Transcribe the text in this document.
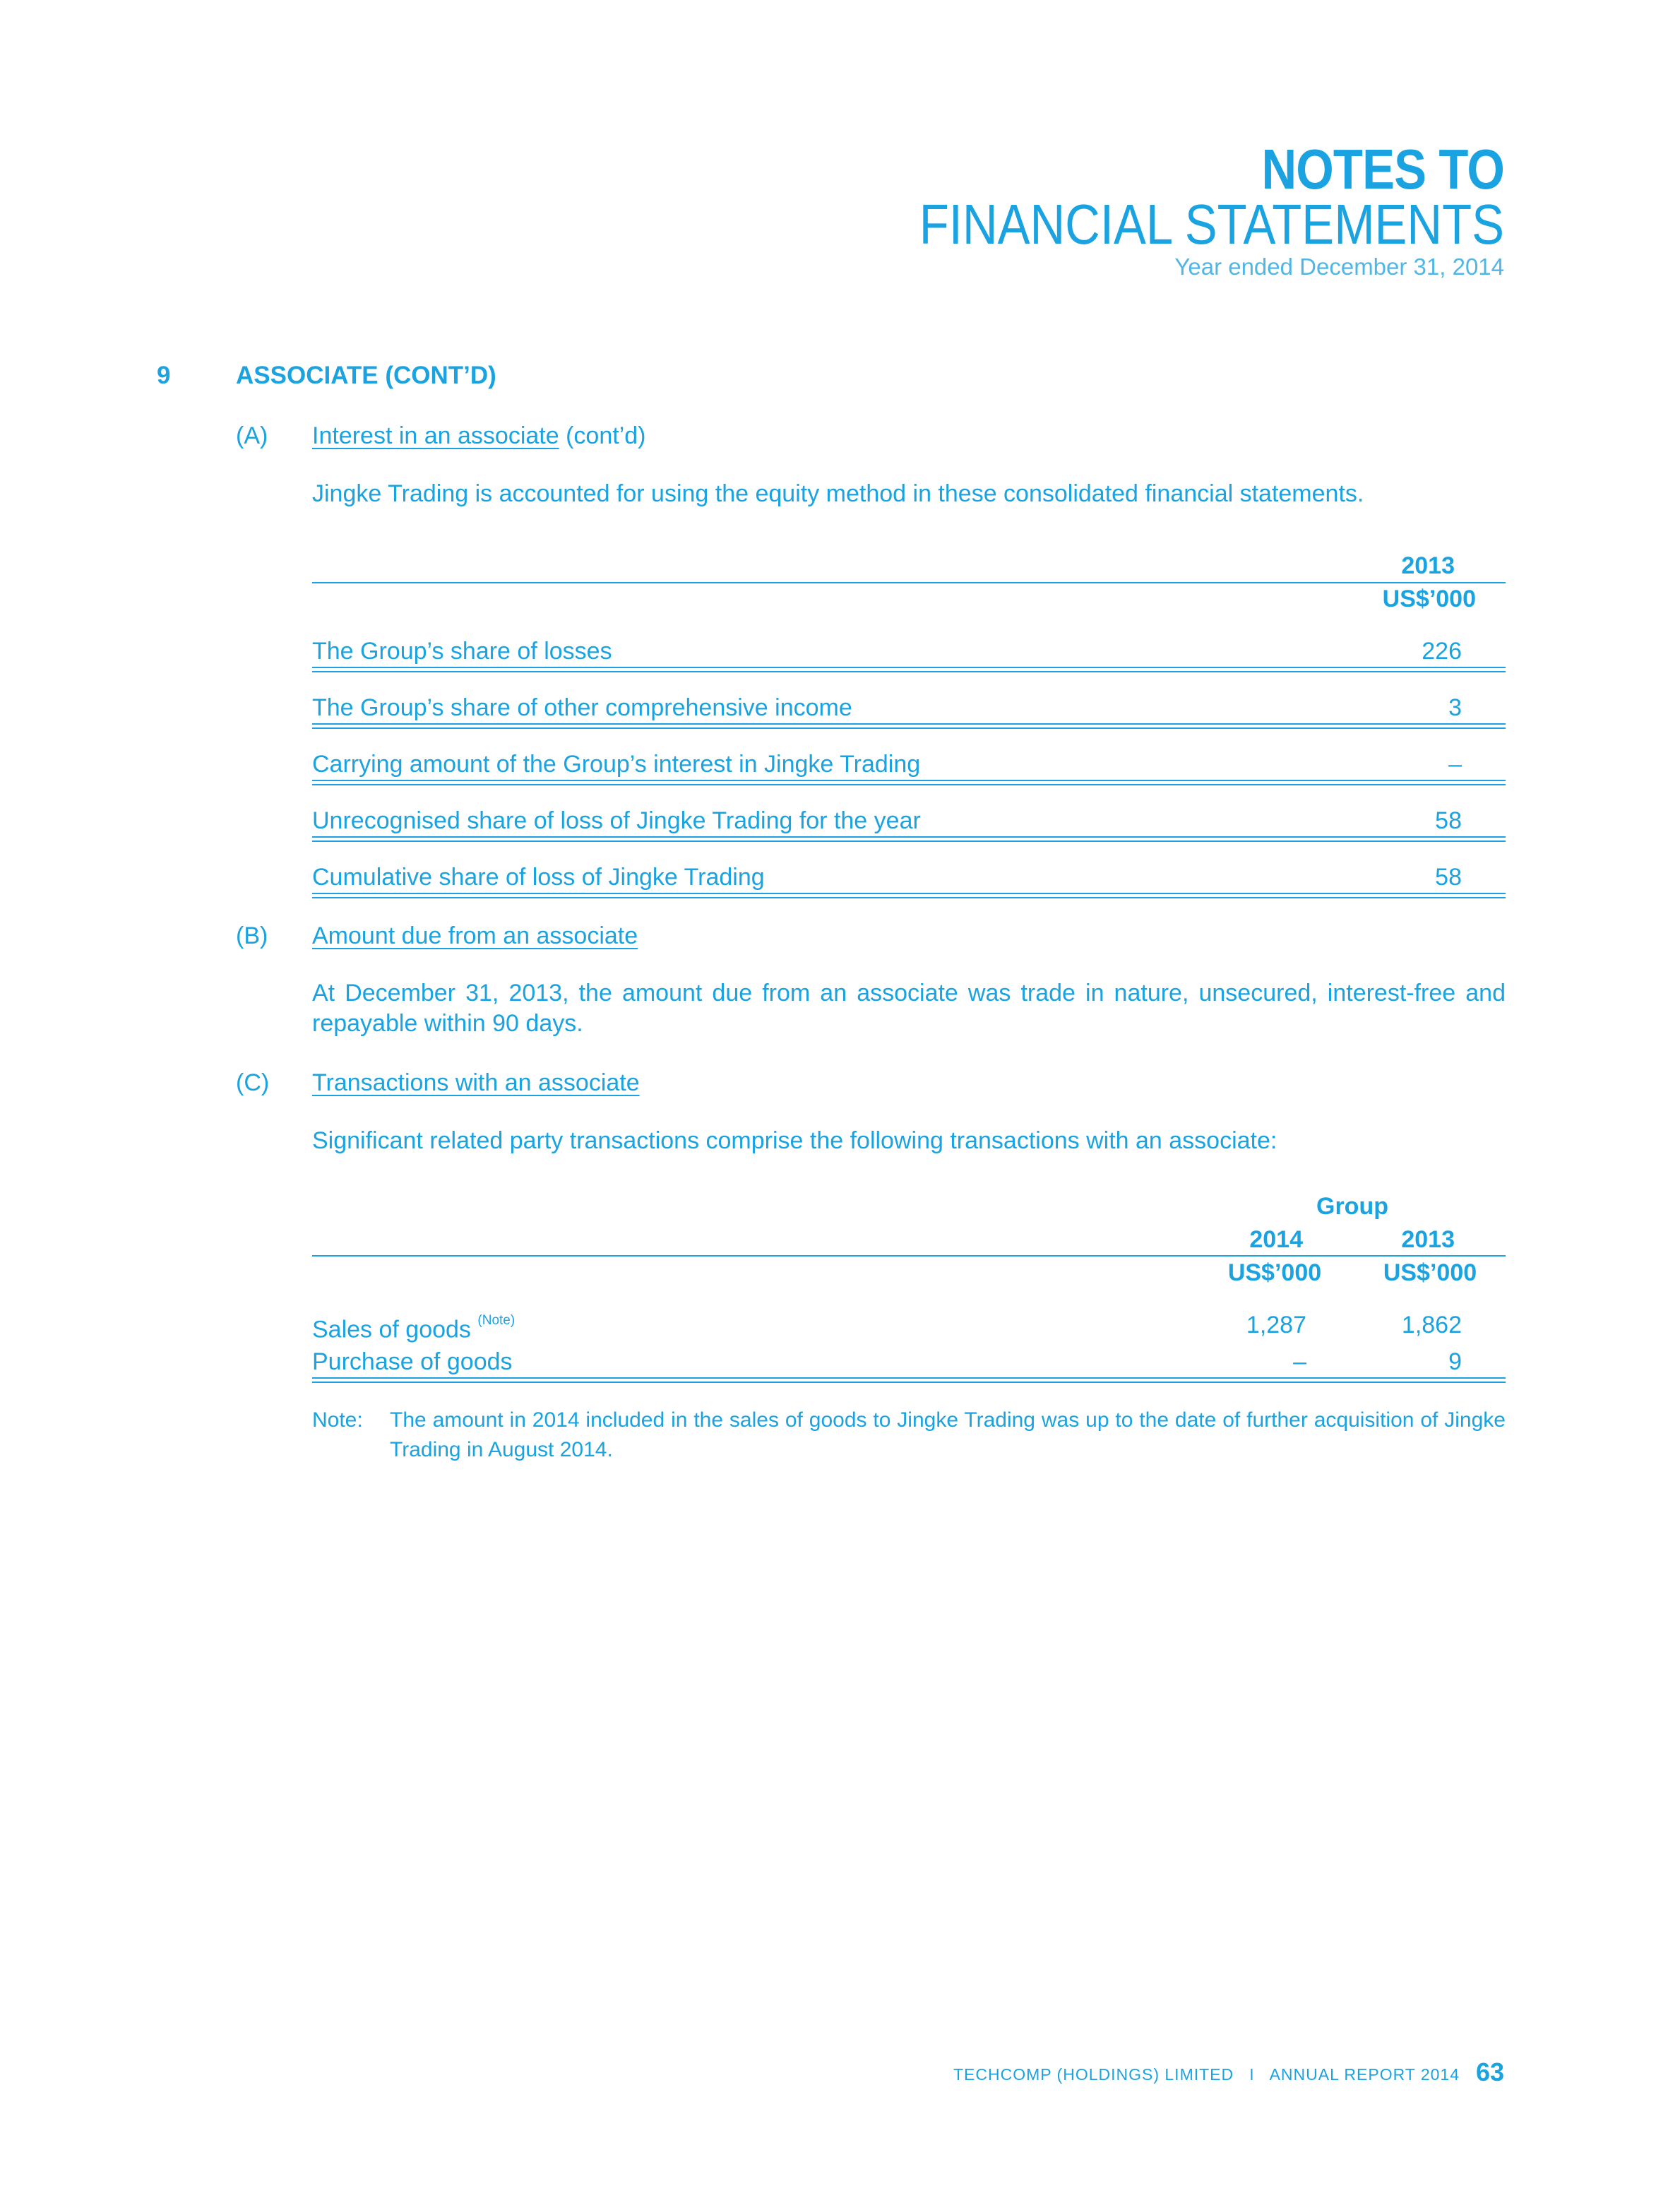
NOTES TO
FINANCIAL STATEMENTS
Year ended December 31, 2014
9	ASSOCIATE (CONT’D)
(A) Interest in an associate (cont’d)
Jingke Trading is accounted for using the equity method in these consolidated financial statements.
2013
US$’000
The Group’s share of losses	226
The Group’s share of other comprehensive income	3
Carrying amount of the Group’s interest in Jingke Trading	–
Unrecognised share of loss of Jingke Trading for the year	58
Cumulative share of loss of Jingke Trading	58
(B) Amount due from an associate
At December 31, 2013, the amount due from an associate was trade in nature, unsecured, interest-free and repayable within 90 days.
(C) Transactions with an associate
Significant related party transactions comprise the following transactions with an associate:
Group
2014	2013
US$’000	US$’000
Sales of goods $^{(Note)}$	1,287	1,862
Purchase of goods	–	9
Note: The amount in 2014 included in the sales of goods to Jingke Trading was up to the date of further acquisition of Jingke Trading in August 2014.
TECHCOMP (HOLDINGS) LIMITED   I   ANNUAL REPORT 2014 63
